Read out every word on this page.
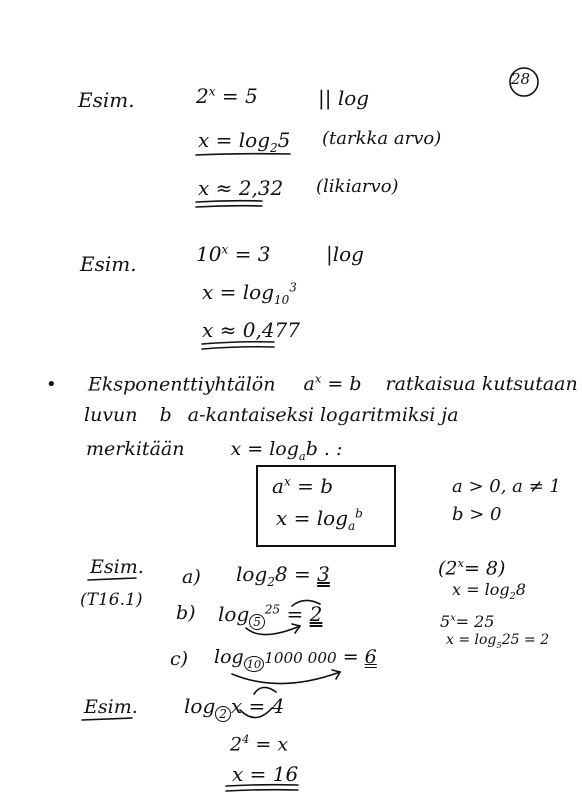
28
Esim.	$2^x = 5$	|| log
$x = \log_25$ (tarkka arvo)
x ≈ 2,32 (likiarvo)
Esim.	$10^x = 3$	|log
$x = \log_{10}^3$
x ≈ 0,477
• Eksponenttiyhtälön $a^x = b$ ratkaisua kutsutaan
luvun b a-kantaiseksi logaritmiksi ja
merkitään $x = \log_ab$ . :
$a^x = b$
$x = \log_a^b$
a > 0, a ≠ 1
b > 0
Esim.
(T16.1)
a) $\log_28 = 3$
b) log $_5^{25}$ = 2
c) log $_{10}$ 1000 000 = 6
$(2^x= 8)$
$x = \log_28$
$5^x= 25$
$x = \log_525 = 2$
Esim. log $_2$ x = 4
$2^4 = x$
x = 16
